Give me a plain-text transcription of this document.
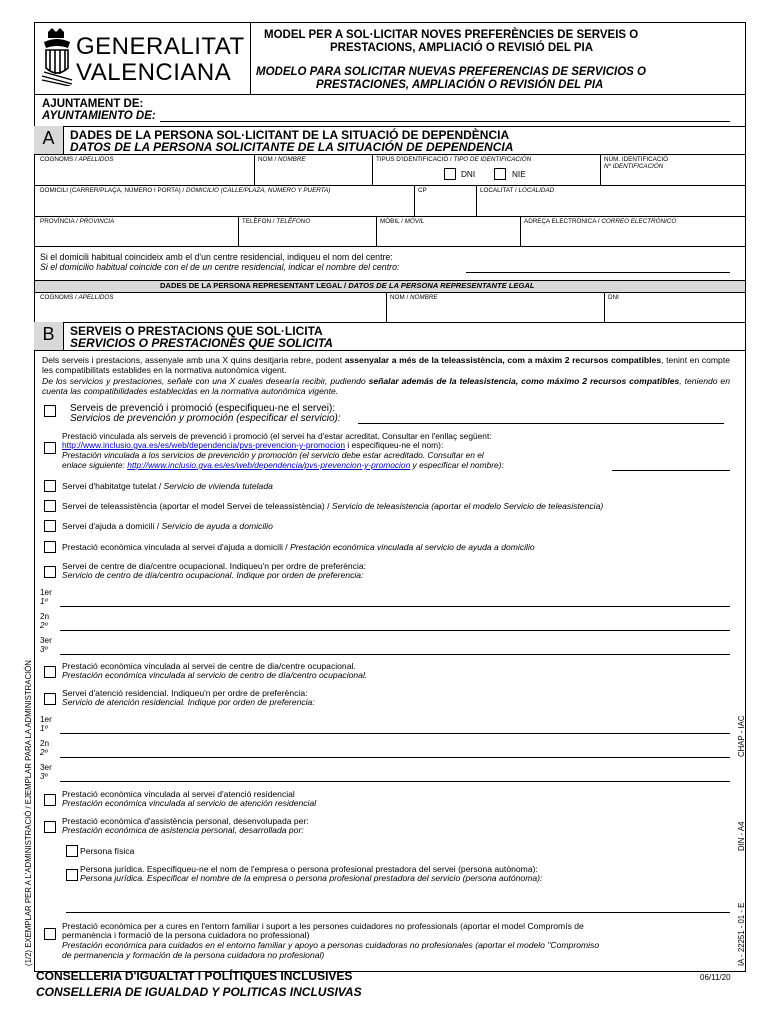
GENERALITAT
VALENCIANA
MODEL PER A SOL·LICITAR NOVES PREFERÈNCIES DE SERVEIS O
PRESTACIONS, AMPLIACIÓ O REVISIÓ DEL PIA
MODELO PARA SOLICITAR NUEVAS PREFERENCIAS DE SERVICIOS O
PRESTACIONES, AMPLIACIÓN O REVISIÓN DEL PIA
AJUNTAMENT DE:
AYUNTAMIENTO DE:
A	DADES DE LA PERSONA SOL·LICITANT DE LA SITUACIÓ DE DEPENDÈNCIA
DATOS DE LA PERSONA SOLICITANTE DE LA SITUACIÓN DE DEPENDENCIA
COGNOMS / APELLIDOS	NOM / NOMBRE	TIPUS D'IDENTIFICACIÓ / TIPO DE IDENTIFICACIÓN
DNI	NIE
NÚM. IDENTIFICACIÓ
Nº IDENTIFICACIÓN
DOMICILI (CARRER/PLAÇA, NÚMERO I PORTA) / DOMICILIO (CALLE/PLAZA, NÚMERO Y PUERTA)	CP	LOCALITAT / LOCALIDAD
PROVÍNCIA / PROVINCIA	TELÈFON / TELÉFONO	MÒBIL / MÓVIL	ADREÇA ELECTRÒNICA / CORREO ELECTRÓNICO
Si el domicili habitual coincideix amb el d'un centre residencial, indiqueu el nom del centre:
Si el domicilio habitual coincide con el de un centre residencial, indicar el nombre del centro:
DADES DE LA PERSONA REPRESENTANT LEGAL / DATOS DE LA PERSONA REPRESENTANTE LEGAL
COGNOMS / APELLIDOS	NOM / NOMBRE	DNI
B	SERVEIS O PRESTACIONS QUE SOL·LICITA
SERVICIOS O PRESTACIONES QUE SOLICITA
Dels serveis i prestacions, assenyale amb una X quins desitjaria rebre, podent assenyalar a més de la teleassistència, com a màxim 2 recursos compatibles, tenint en compte les compatibilitats establides en la normativa autonòmica vigent.
De los servicios y prestaciones, señale con una X cuales desearía recibir, pudiendo señalar además de la teleasistencia, como máximo 2 recursos compatibles, teniendo en cuenta las compatibilidades establecidas en la normativa autonómica vigente.
Serveis de prevenció i promoció (especifiqueu-ne el servei):
Servicios de prevención y promoción (especificar el servicio):
Prestació vinculada als serveis de prevenció i promoció (el servei ha d'estar acreditat. Consultar en l'enllaç següent:
http://www.inclusio.gva.es/es/web/dependencia/pvs-prevencion-y-promocion i especifiqueu-ne el nom):
Prestación vinculada a los servicios de prevención y promoción (el servicio debe estar acreditado. Consultar en el
enlace siguiente: http://www.inclusio.gva.es/es/web/dependencia/pvs-prevencion-y-promocion y especificar el nombre):
Servei d'habitatge tutelat / Servicio de vivienda tutelada
Servei de teleassistència (aportar el model Servei de teleassistència) / Servicio de teleasistencia (aportar el modelo Servicio de teleasistencia)
Servei d'ajuda a domicili / Servicio de ayuda a domicilio
Prestació econòmica vinculada al servei d'ajuda a domicili / Prestación económica vinculada al servicio de ayuda a domicilio
Servei de centre de dia/centre ocupacional. Indiqueu'n per ordre de preferència:
Servicio de centro de día/centro ocupacional. Indique por orden de preferencia:
1er
1º
2n
2º
3er
3º
Prestació econòmica vinculada al servei de centre de dia/centre ocupacional.
Prestación económica vinculada al servicio de centro de día/centro ocupacional.
Servei d'atenció residencial. Indiqueu'n per ordre de preferència:
Servicio de atención residencial. Indique por orden de preferencia:
1er
1º
2n
2º
3er
3º
Prestació econòmica vinculada al servei d'atenció residencial
Prestación económica vinculada al servicio de atención residencial
Prestació econòmica d'assistència personal, desenvolupada per:
Prestación económica de asistencia personal, desarrollada por:
Persona física
Persona jurídica. Especifiqueu-ne el nom de l'empresa o persona profesional prestadora del servei (persona autònoma):
Persona jurídica. Especificar el nombre de la empresa o persona profesional prestadora del servicio (persona autónoma):
Prestació econòmica per a cures en l'entorn familiar i suport a les persones cuidadores no professionals (aportar el model Compromís de
permanència i formació de la persona cuidadora no professional)
Prestación económica para cuidados en el entorno familiar y apoyo a personas cuidadoras no profesionales (aportar el modelo "Compromiso
de permanencia y formación de la persona cuidadora no profesional)
CONSELLERIA D'IGUALTAT I POLÍTIQUES INCLUSIVES
CONSELLERIA DE IGUALDAD Y POLITICAS INCLUSIVAS
06/11/20
(1/2) EXEMPLAR PER A L'ADMINISTRACIÓ / EJEMPLAR PARA LA ADMINISTRACIÓN	CHAP - IAC
DIN - A4
IA - 22251 - 01 - E
